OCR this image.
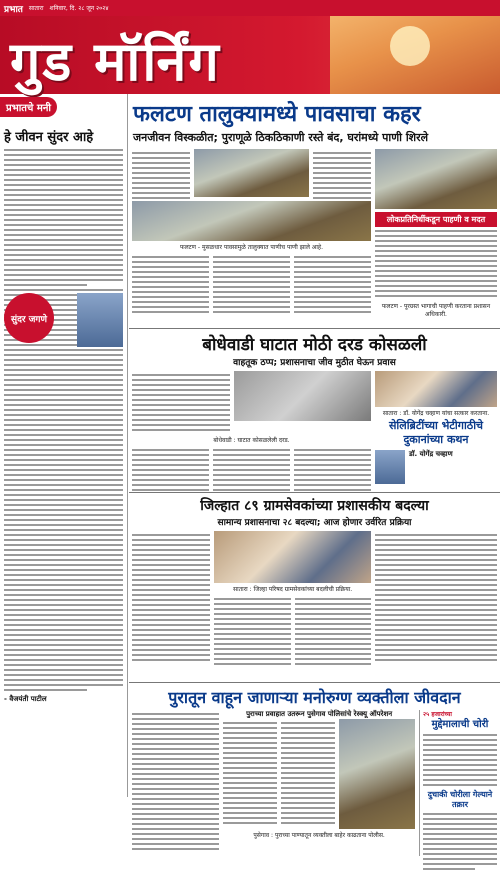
प्रभात सातारा शनिवार, दि. २८ जून २०२४
गुड मॉर्निंग
प्रभातचे मनी
हे जीवन सुंदर आहे
सुंदर जगणे
- वैजयंती पाटील
फलटण तालुक्यामध्ये पावसाचा कहर
जनजीवन विस्कळीत; पुराणूळे ठिकठिकाणी रस्ते बंद, घरांमध्ये पाणी शिरले
फलटण - मुसळधार पावसामुळे तालुक्यात पाणीच पाणी झाले आहे.
लोकप्रतिनिधींकडून पाहणी व मदत
फलटण - पूरग्रस्त भागाची पाहणी करताना प्रशासन अधिकारी.
बोधेवाडी घाटात मोठी दरड कोसळली
वाहतूक ठप्प; प्रशासनाचा जीव मुठीत घेऊन प्रवास
बोधेवाडी : घाटात कोसळलेली दरड.
सातारा : डॉ. योगेंद्र चव्हाण यांचा सत्कार करताना.
सेलिब्रिटींच्या भेटीगाठीचे दुकानांच्या कथन
डॉ. योगेंद्र चव्हाण
जिल्हात ८९ ग्रामसेवकांच्या प्रशासकीय बदल्या
सामान्य प्रशासनाचा २८ बदल्या; आज होणार उर्वरित प्रक्रिया
सातारा : जिल्हा परिषद ग्रामसेवकांच्या बदलीची प्रक्रिया.
पुरातून वाहून जाणाऱ्या मनोरुग्ण व्यक्तीला जीवदान
पुराच्या प्रवाहात उतरून पुसेगाव पोलिसांचे रेस्क्यू ऑपरेशन
पुसेगाव : पुराच्या पाण्यातून व्यक्तीला बाहेर काढताना पोलीस.
२५ हजारांच्या
मुद्देमालाची चोरी
दुचाकी चोरीला गेल्याने तक्रार
